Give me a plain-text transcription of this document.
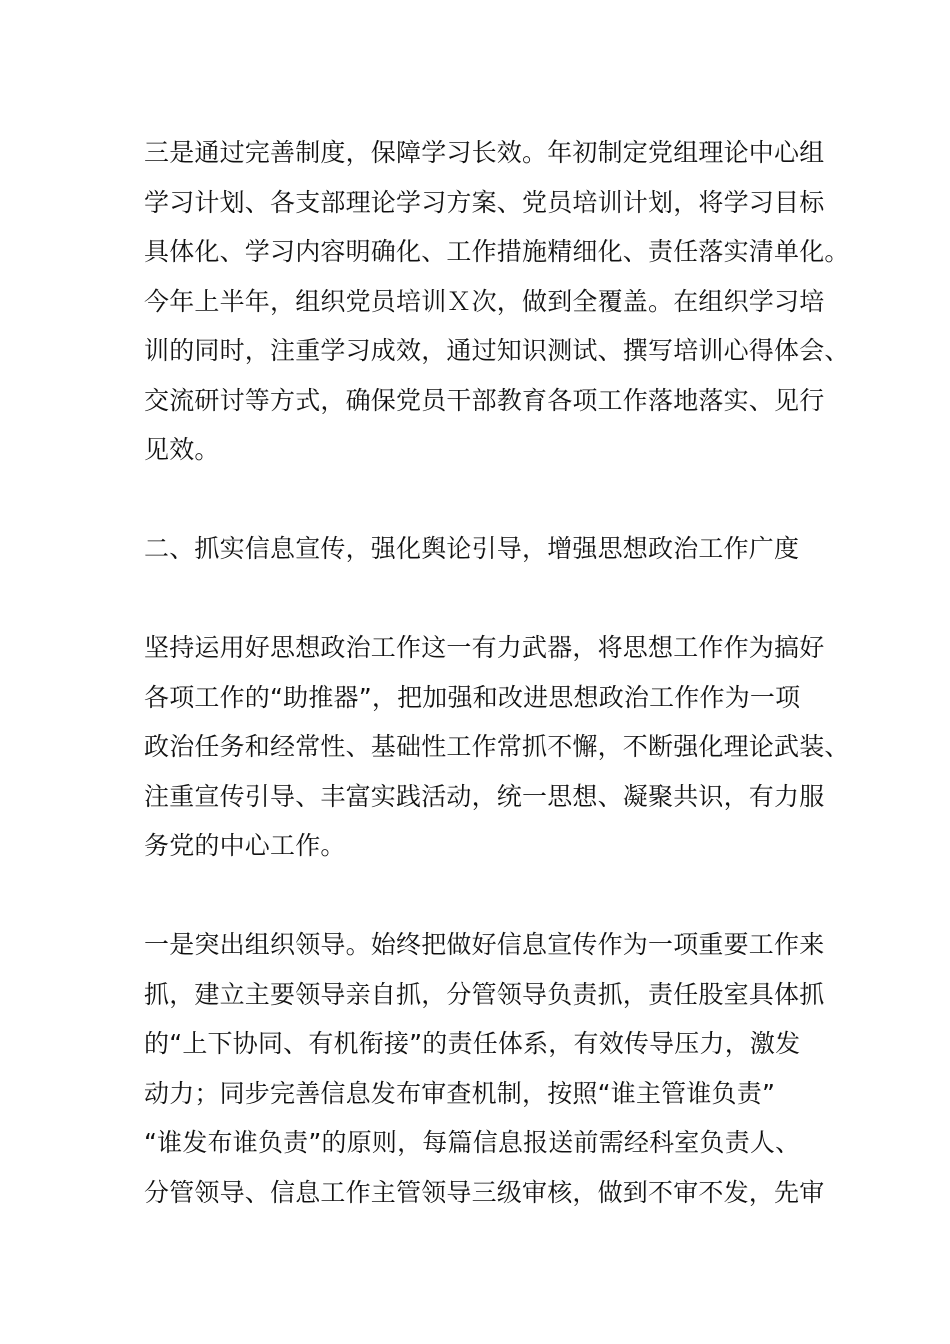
三是通过完善制度，保障学习长效。年初制定党组理论中心组
学习计划、各支部理论学习方案、党员培训计划，将学习目标
具体化、学习内容明确化、工作措施精细化、责任落实清单化。
今年上半年，组织党员培训Ｘ次，做到全覆盖。在组织学习培
训的同时，注重学习成效，通过知识测试、撰写培训心得体会、
交流研讨等方式，确保党员干部教育各项工作落地落实、见行
见效。
二、抓实信息宣传，强化舆论引导，增强思想政治工作广度
坚持运用好思想政治工作这一有力武器，将思想工作作为搞好
各项工作的“助推器”，把加强和改进思想政治工作作为一项
政治任务和经常性、基础性工作常抓不懈，不断强化理论武装、
注重宣传引导、丰富实践活动，统一思想、凝聚共识，有力服
务党的中心工作。
一是突出组织领导。始终把做好信息宣传作为一项重要工作来
抓，建立主要领导亲自抓，分管领导负责抓，责任股室具体抓
的“上下协同、有机衔接”的责任体系，有效传导压力，激发
动力；同步完善信息发布审查机制，按照“谁主管谁负责”
“谁发布谁负责”的原则，每篇信息报送前需经科室负责人、
分管领导、信息工作主管领导三级审核，做到不审不发，先审
